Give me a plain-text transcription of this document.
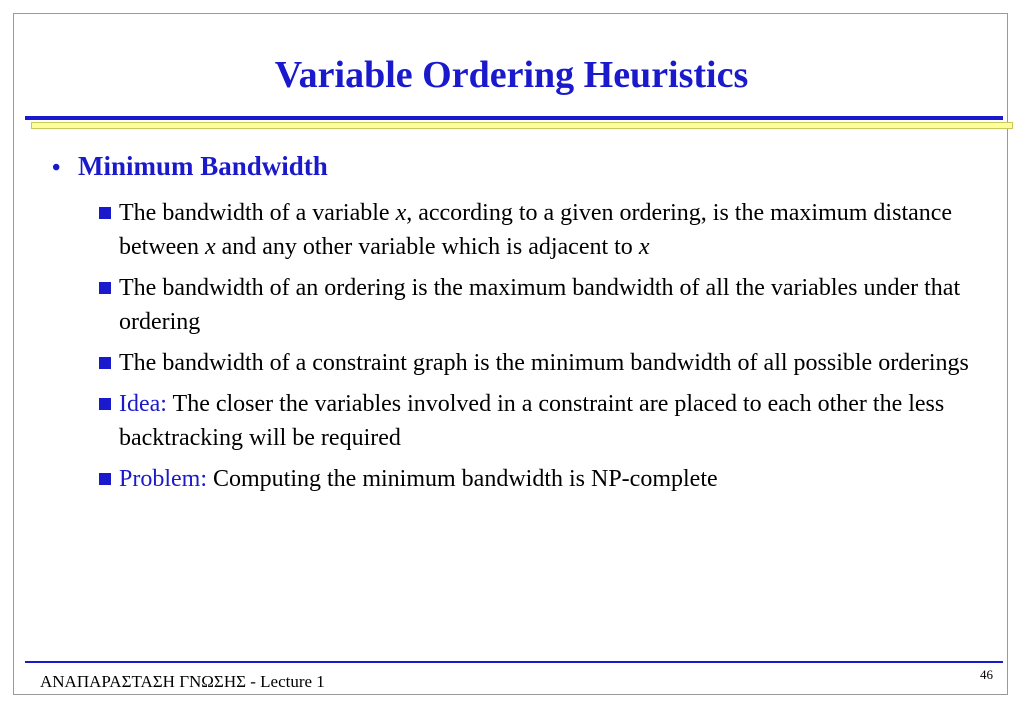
Variable Ordering Heuristics
• Minimum Bandwidth
The bandwidth of a variable x, according to a given ordering, is the maximum distance between x and any other variable which is adjacent to x
The bandwidth of an ordering is the maximum bandwidth of all the variables under that ordering
The bandwidth of a constraint graph is the minimum bandwidth of all possible orderings
Idea: The closer the variables involved in a constraint are placed to each other the less backtracking will be required
Problem: Computing the minimum bandwidth is NP-complete
ΑΝΑΠΑΡΑΣΤΑΣΗ ΓΝΩΣΗΣ - Lecture 1	46
